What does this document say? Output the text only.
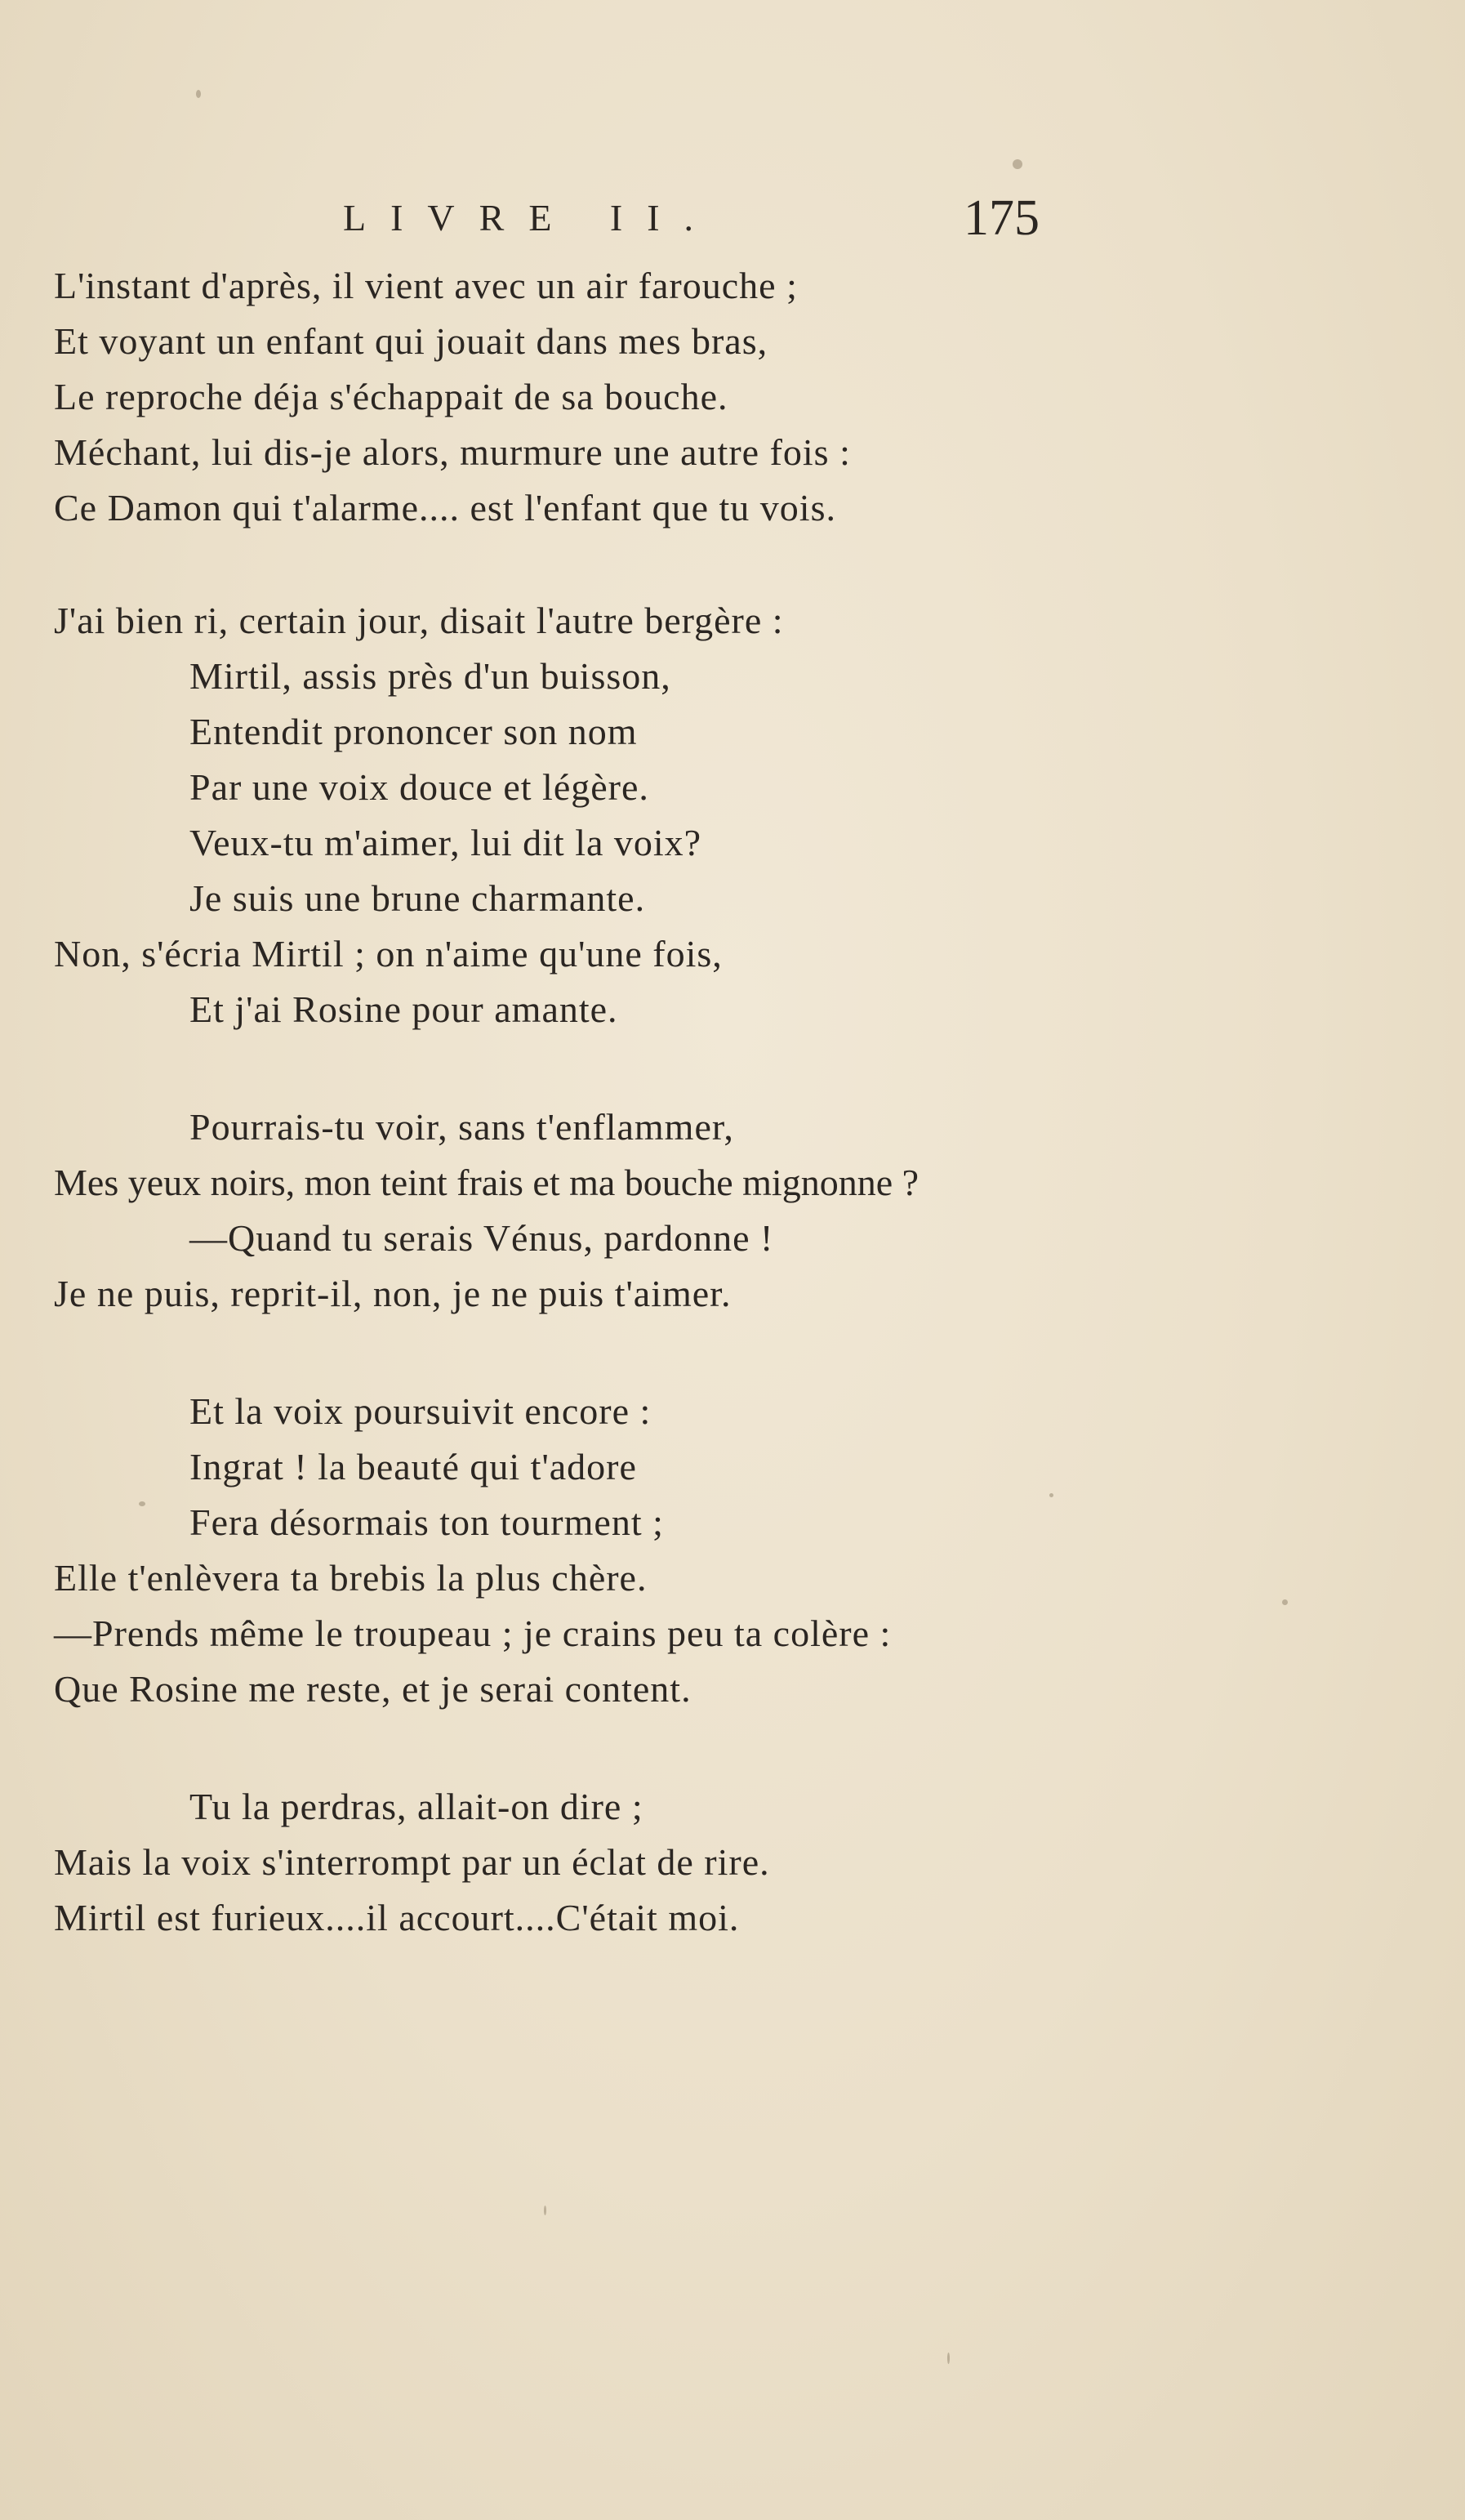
LIVRE II.	175
L'instant d'après, il vient avec un air farouche ;
Et voyant un enfant qui jouait dans mes bras,
Le reproche déja s'échappait de sa bouche.
Méchant, lui dis-je alors, murmure une autre fois :
Ce Damon qui t'alarme.... est l'enfant que tu vois.
J'ai bien ri, certain jour, disait l'autre bergère :
Mirtil, assis près d'un buisson,
Entendit prononcer son nom
Par une voix douce et légère.
Veux-tu m'aimer, lui dit la voix?
Je suis une brune charmante.
Non, s'écria Mirtil ; on n'aime qu'une fois,
Et j'ai Rosine pour amante.
Pourrais-tu voir, sans t'enflammer,
Mes yeux noirs, mon teint frais et ma bouche mignonne ?
—Quand tu serais Vénus, pardonne !
Je ne puis, reprit-il, non, je ne puis t'aimer.
Et la voix poursuivit encore :
Ingrat ! la beauté qui t'adore
Fera désormais ton tourment ;
Elle t'enlèvera ta brebis la plus chère.
—Prends même le troupeau ; je crains peu ta colère :
Que Rosine me reste, et je serai content.
Tu la perdras, allait-on dire ;
Mais la voix s'interrompt par un éclat de rire.
Mirtil est furieux....il accourt....C'était moi.
